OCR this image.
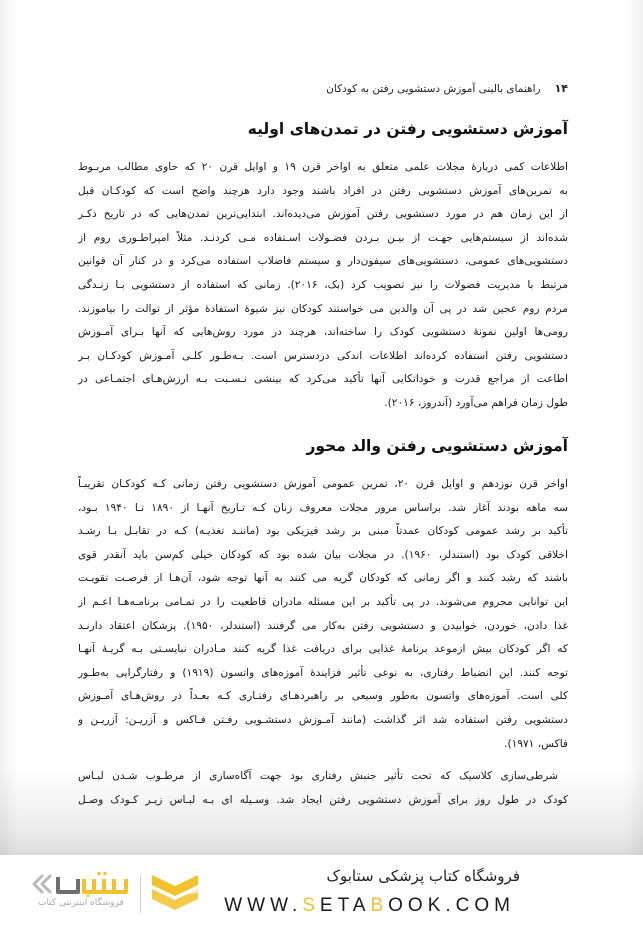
۱۴
راهنمای بالینی آموزش دستشویی رفتن به کودکان
آموزش دستشویی رفتن در تمدن‌های اولیه
اطلاعات کمی دربارۀ مجلات علمی متعلق به اواخر قرن ۱۹ و اوایل قرن ۲۰ که حاوی مطالب مربـوط
به تمرین‌های آموزش دستشویی رفتن در افراد باشند وجود دارد هرچند واضح است که کودکـان قبل
از این زمان هم در مورد دستشویی رفتن آموزش می‌دیده‌اند. ابتدایی‌ترین تمدن‌هایی که در تاریخ ذکـر
شده‌اند از سیستم‌هایی جهـت از بیـن بـردن فضـولات اسـتفاده مـی کردنـد. مثلاً امپراطـوری روم از
دستشویی‌های عمومی، دستشویی‌های سیفون‌دار و سیستم فاضلاب استفاده می‌کرد و در کنار آن قوانین
مرتبط با مدیریت فضولات را نیز تصویب کرد (بک، ۲۰۱۶). زمانی که استفاده از دستشویی بـا زنـدگی
مردم روم عجین شد در پی آن والدین می خواستند کودکان نیز شیوۀ استفادۀ مؤثر از توالت را بیاموزند.
رومی‌ها اولین نمونۀ دستشویی کودک را ساخته‌اند، هرچند در مورد روش‌هایی که آنها بـرای آمـوزش
دستشویی رفتن استفاده کرده‌اند اطلاعات اندکی دردسترس است. بـه‌طـور کلـی آمـوزش کودکـان بـر
اطاعت از مراجع قدرت و خوداتکایی آنها تأکید می‌کرد که بینشی نـسـبت بـه ارزش‌هـای اجتمـاعی در
طول زمان فراهم می‌آورد (آندروز، ۲۰۱۶).
آموزش دستشویی رفتن والد محور
اواخر قرن نوزدهم و اوایل قرن ۲۰، تمرین عمومی آموزش دستشویی رفتن زمانی کـه کودکـان تقریبـاً
سه ماهه بودند آغاز شد. براساس مرور مجلات معروف زنان کـه تـاریخ آنهـا از ۱۸۹۰ تـا ۱۹۴۰ بـود،
تأکید بر رشد عمومی کودکان عمدتاً مبنی بر رشد فیزیکی بود (ماننـد تغذیـه) کـه در تقابـل بـا رشـد
اخلاقی کودک بود (استندلر، ۱۹۶۰). در مجلات بیان شده بود که کودکان خیلی کم‌سن باید آنقدر قوی
باشند که رشد کنند و اگر زمانی که کودکان گریه می کنند به آنها توجه شود، آن‌هـا از فرصـت تقویـت
این توانایی محروم می‌شوند. در پی تأکید بر این مسئله مادران قاطعیت را در تمـامی برنامـه‌هـا اعـم از
غذا دادن، خوردن، خوابیدن و دستشویی رفتن به‌کار می گرفتند (استندلر، ۱۹۵۰). پزشکان اعتقاد دارنـد
که اگر کودکان بیش ازموعد برنامۀ غذایی برای دریافت غذا گریه کنند مـادران نبایسـتی بـه گریـۀ آنهـا
توجه کنند. این انضباط رفتاری، به نوعی تأثیر فزایندۀ آموزه‌های واتسون (۱۹۱۹) و رفتارگرایی به‌طـور
کلی است. آموزه‌های واتسون به‌طور وسیعی بر راهبردهـای رفتـاری کـه بعـداً در روش‌هـای آمـوزش
دستشویی رفتن استفاده شد اثر گذاشت (مانند آمـوزش دستشـویی رفـتن فـاکس و آزریـن: آزریـن و
فاکس، ۱۹۷۱).
شرطی‌سازی کلاسیک که تحت تأثیر جنبش رفتاری بود جهت آگاه‌سازی از مرطـوب شـدن لبـاس
کودک در طول روز برای آموزش دستشویی رفتن ایجاد شد. وسـیله ای بـه لبـاس زیـر کـودک وصـل
فروشگاه اینترنتی کتاب
فروشگاه کتاب پزشکی ستابوک
WWW.SETABOOK.COM
